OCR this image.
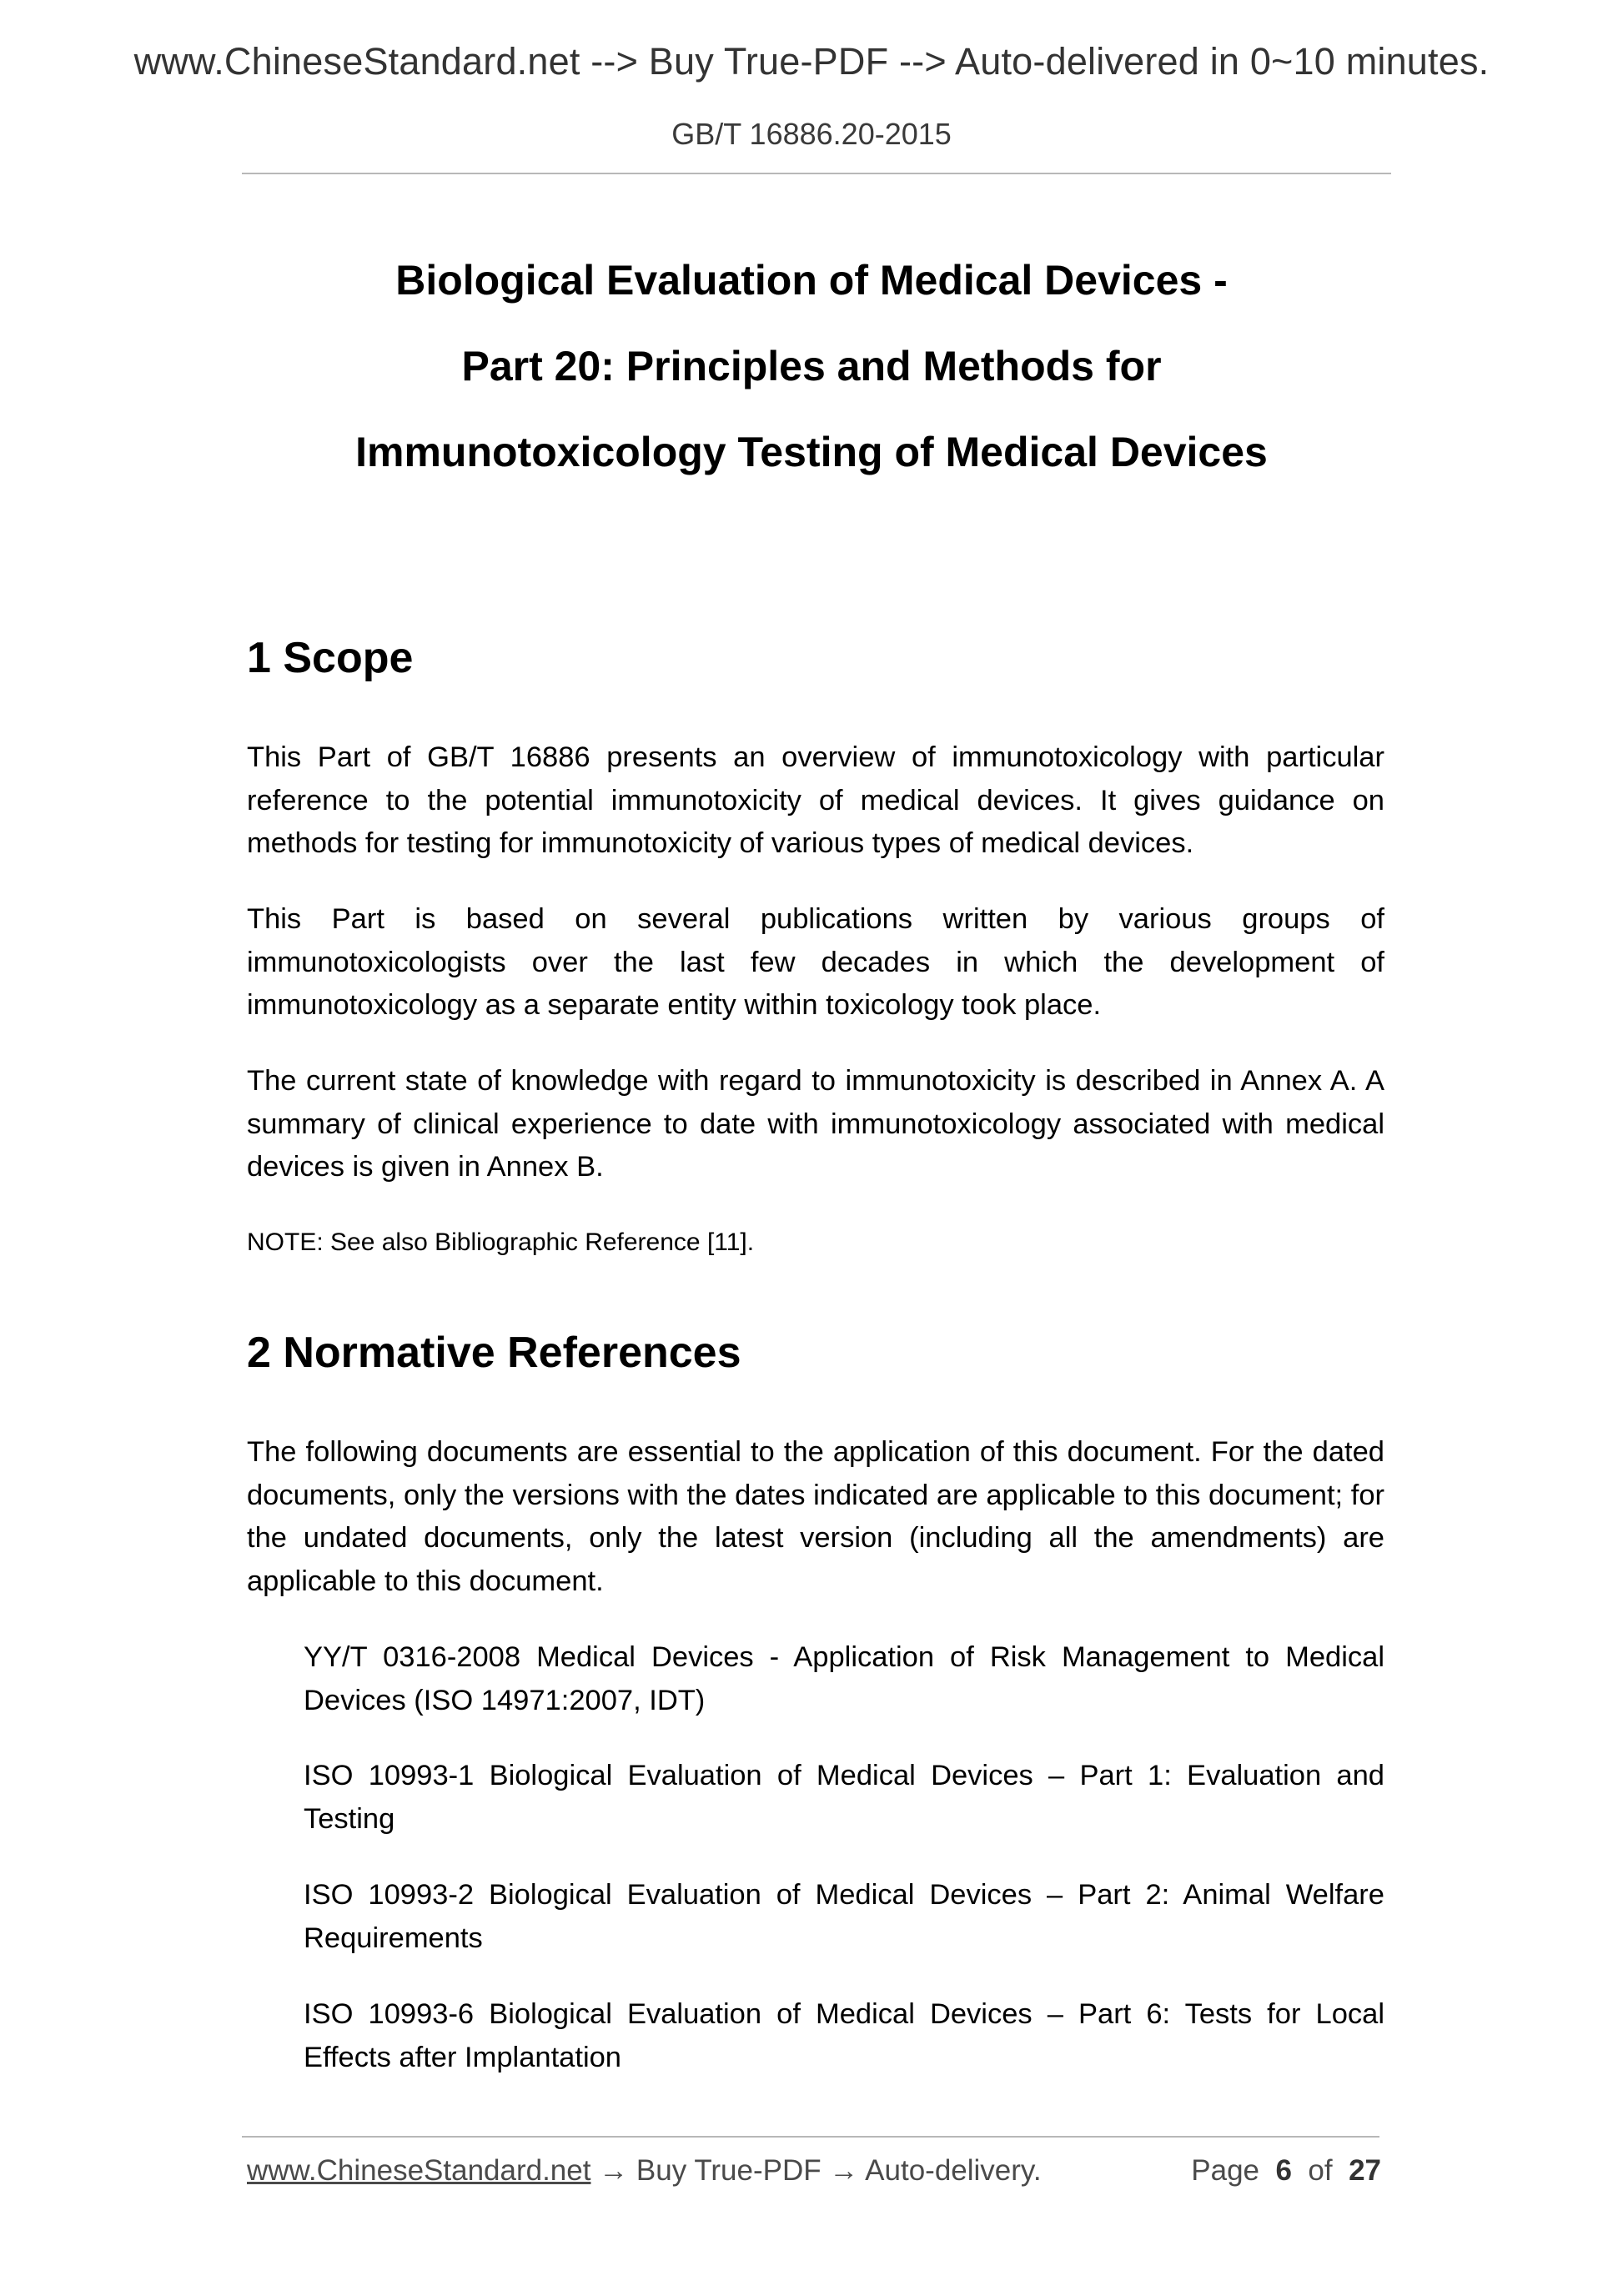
www.ChineseStandard.net --> Buy True-PDF --> Auto-delivered in 0~10 minutes.
GB/T 16886.20-2015
Biological Evaluation of Medical Devices -
Part 20: Principles and Methods for
Immunotoxicology Testing of Medical Devices
1 Scope

This Part of GB/T 16886 presents an overview of immunotoxicology with particular reference to the potential immunotoxicity of medical devices. It gives guidance on methods for testing for immunotoxicity of various types of medical devices.

This Part is based on several publications written by various groups of immunotoxicologists over the last few decades in which the development of immunotoxicology as a separate entity within toxicology took place.

The current state of knowledge with regard to immunotoxicity is described in Annex A. A summary of clinical experience to date with immunotoxicology associated with medical devices is given in Annex B.

NOTE: See also Bibliographic Reference [11].

2 Normative References

The following documents are essential to the application of this document. For the dated documents, only the versions with the dates indicated are applicable to this document; for the undated documents, only the latest version (including all the amendments) are applicable to this document.

YY/T 0316-2008 Medical Devices - Application of Risk Management to Medical Devices (ISO 14971:2007, IDT)

ISO 10993-1 Biological Evaluation of Medical Devices – Part 1: Evaluation and Testing

ISO 10993-2 Biological Evaluation of Medical Devices – Part 2: Animal Welfare Requirements

ISO 10993-6 Biological Evaluation of Medical Devices – Part 6: Tests for Local Effects after Implantation

www.ChineseStandard.net → Buy True-PDF → Auto-delivery.	Page 6 of 27
